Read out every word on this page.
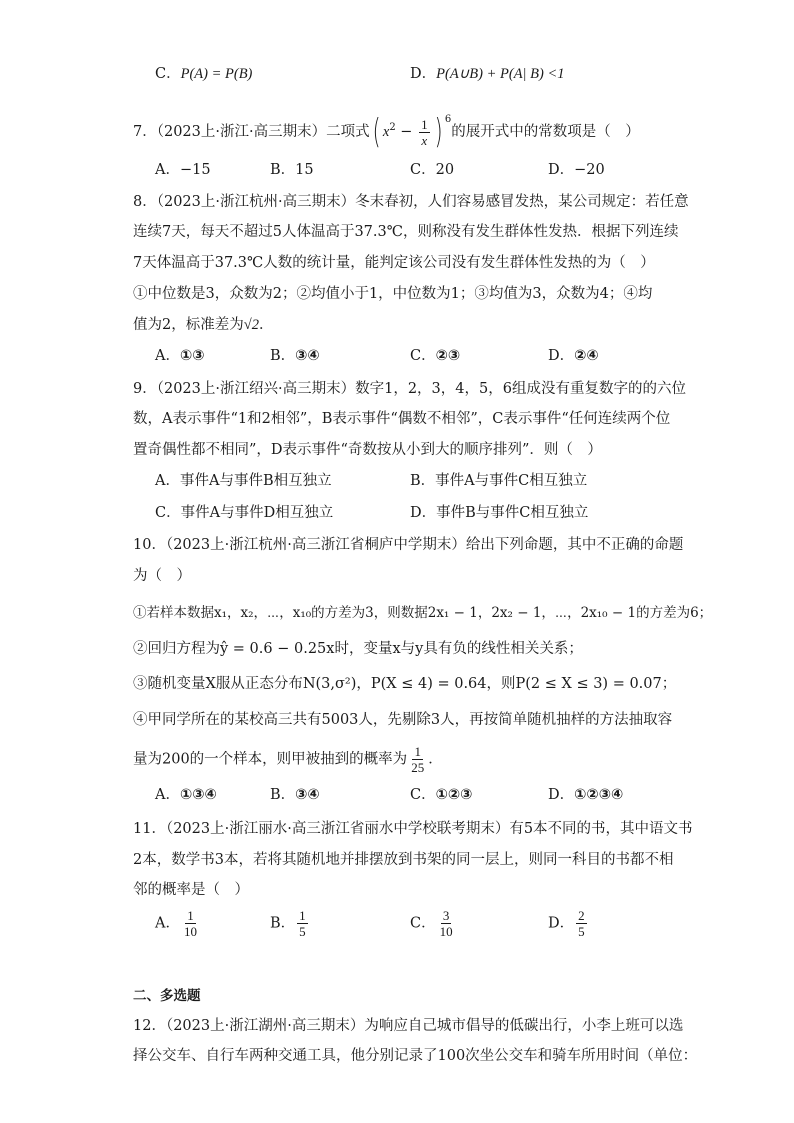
C．P(A) = P(B)	D．P(A∪B) + P(A| B) <1
7．（2023上·浙江·高三期末）二项式( $x^2 - \frac{1}{x}$ ) $^6$的展开式中的常数项是（　）
A．−15	B．15	C．20	D．−20
8．（2023上·浙江杭州·高三期末）冬末春初，人们容易感冒发热，某公司规定：若任意
连续7天，每天不超过5人体温高于37.3℃，则称没有发生群体性发热．根据下列连续
7天体温高于37.3℃人数的统计量，能判定该公司没有发生群体性发热的为（　）
①中位数是3，众数为2；②均值小于1，中位数为1；③均值为3，众数为4；④均
值为2，标准差为√2．
A．①③	B．③④	C．②③	D．②④
9．（2023上·浙江绍兴·高三期末）数字1，2，3，4，5，6组成没有重复数字的的六位
数，A表示事件“1和2相邻”，B表示事件“偶数不相邻”，C表示事件“任何连续两个位
置奇偶性都不相同”，D表示事件“奇数按从小到大的顺序排列”．则（　）
A．事件A与事件B相互独立	B．事件A与事件C相互独立
C．事件A与事件D相互独立	D．事件B与事件C相互独立
10．（2023上·浙江杭州·高三浙江省桐庐中学期末）给出下列命题，其中不正确的命题
为（　）
①若样本数据x₁，x₂，⋯，x₁₀的方差为3，则数据2x₁ − 1，2x₂ − 1，⋯，2x₁₀ − 1的方差为6；
②回归方程为ŷ = 0.6 − 0.25x时，变量x与y具有负的线性相关关系；
③随机变量X服从正态分布N(3,σ²)，P(X ≤ 4) = 0.64，则P(2 ≤ X ≤ 3) = 0.07；
④甲同学所在的某校高三共有5003人，先剔除3人，再按简单随机抽样的方法抽取容
量为200的一个样本，则甲被抽到的概率为 $\frac{1}{25}$ ．
A．①③④	B．③④	C．①②③	D．①②③④
11．（2023上·浙江丽水·高三浙江省丽水中学校联考期末）有5本不同的书，其中语文书
2本，数学书3本，若将其随机地并排摆放到书架的同一层上，则同一科目的书都不相
邻的概率是（　）
A． $\frac{1}{10}$	B． $\frac{1}{5}$	C． $\frac{3}{10}$	D． $\frac{2}{5}$
二、多选题
12．（2023上·浙江湖州·高三期末）为响应自己城市倡导的低碳出行，小李上班可以选
择公交车、自行车两种交通工具，他分别记录了100次坐公交车和骑车所用时间（单位：
